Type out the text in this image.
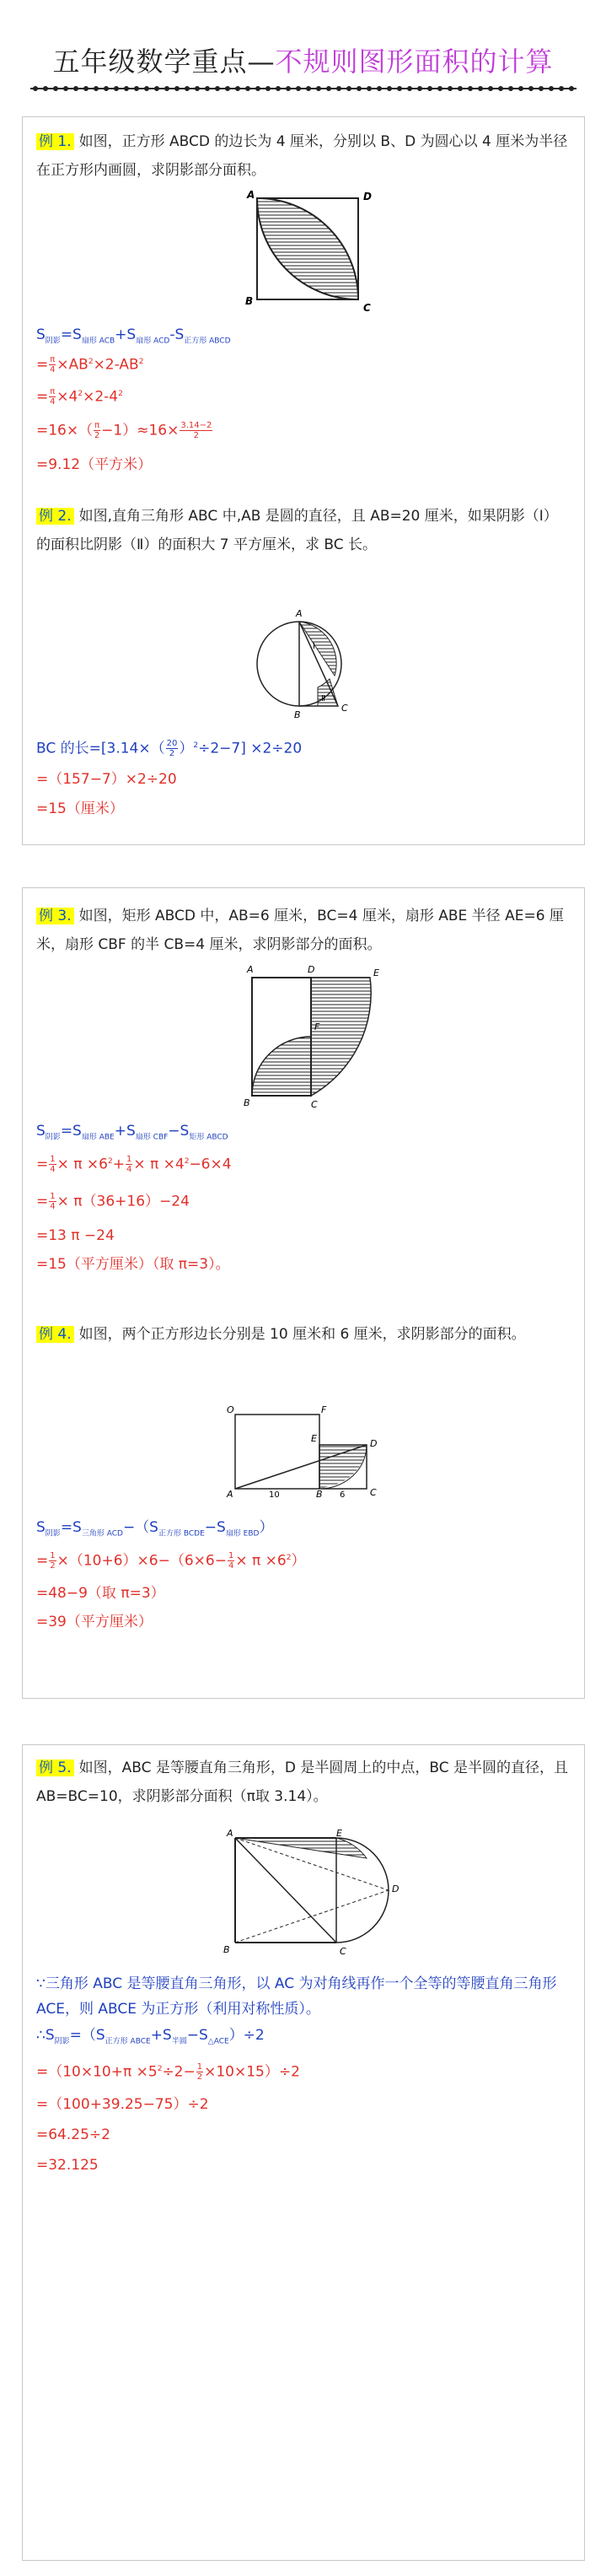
五年级数学重点—不规则图形面积的计算
例 1. 如图，正方形 ABCD 的边长为 4 厘米，分别以 B、D 为圆心以 4 厘米为半径在正方形内画圆，求阴影部分面积。
A	D
B
C
$S_{阴影}=S_{扇形 ACB}+S_{扇形 ACD}-S_{正方形 ABCD}$
= $\frac{\pi}{4} \times AB^2\times 2-AB^2$
= $\frac{\pi}{4} \times 4^2\times 2-4^2$
$=16\times( \frac{\pi}{2} -1)\approx 16\times \frac{3.14-2}{2}$
=9.12（平方米）
例 2. 如图,直角三角形 ABC 中,AB 是圆的直径，且 AB=20 厘米，如果阴影（Ⅰ）的面积比阴影（Ⅱ）的面积大 7 平方厘米，求 BC 长。
A
B
C
Ⅰ
Ⅱ
BC 的长$=[3.14\times( \frac{20}{2} )^2\div 2-7] \times 2\div 20$
=（157−7）×2÷20
=15（厘米）
例 3. 如图，矩形 ABCD 中，AB=6 厘米，BC=4 厘米，扇形 ABE 半径 AE=6 厘米，扇形 CBF 的半 CB=4 厘米，求阴影部分的面积。
A	D	E
F
B	C
$S_{阴影}=S_{扇形 ABE}+S_{扇形 CBF}-S_{矩形 ABCD}$
= $\frac{1}{4} \times \pi \times 6^2+ \frac{1}{4} \times \pi \times 4^2-6\times 4$
= $\frac{1}{4} \times \pi(36+16)-24$
=13 π −24
=15（平方厘米）（取 π=3）。
例 4. 如图，两个正方形边长分别是 10 厘米和 6 厘米，求阴影部分的面积。
O
E
F
D
A	B	C
10	6
$S_{阴影}=S_{三角形 ACD}-(S_{正方形 BCDE}-S_{扇形 EBD})$
= $\frac{1}{2} \times(10+6)\times 6-(6\times 6- \frac{1}{4} \times \pi \times 6^2)$
=48−9（取 π=3）
=39（平方厘米）
例 5. 如图，ABC 是等腰直角三角形，D 是半圆周上的中点，BC 是半圆的直径，且 AB=BC=10，求阴影部分面积（π取 3.14）。
A	E
D
B	C
∵三角形 ABC 是等腰直角三角形，以 AC 为对角线再作一个全等的等腰直角三角形 ACE，则 ABCE 为正方形（利用对称性质）。
$\therefore S_{阴影}=(S_{正方形 ABCE}+S_{半圆}-S_{\triangle ACE})\div 2$
$=(10\times 10+\pi \times 5^2\div 2- \frac{1}{2} \times 10\times 15)\div 2$
=（100+39.25−75）÷2
=64.25÷2
=32.125
